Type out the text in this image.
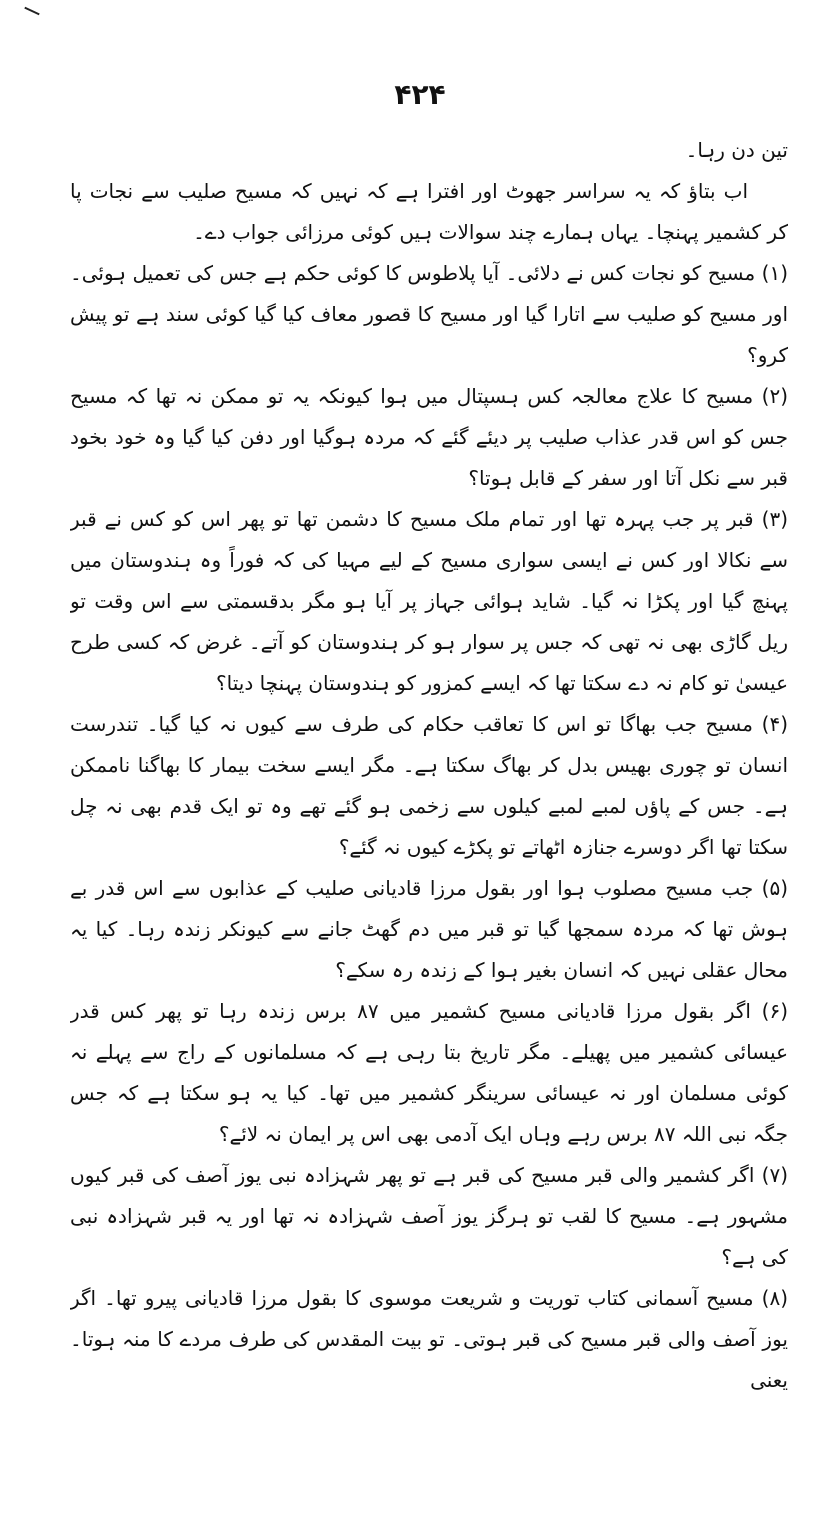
۴۲۴

تین دن رہا۔

اب بتاؤ کہ یہ سراسر جھوٹ اور افترا ہے کہ نہیں کہ مسیح صلیب سے نجات پا کر کشمیر پہنچا۔ یہاں ہمارے چند سوالات ہیں کوئی مرزائی جواب دے۔

(۱) مسیح کو نجات کس نے دلائی۔ آیا پلاطوس کا کوئی حکم ہے جس کی تعمیل ہوئی۔ اور مسیح کو صلیب سے اتارا گیا اور مسیح کا قصور معاف کیا گیا کوئی سند ہے تو پیش کرو؟

(۲) مسیح کا علاج معالجہ کس ہسپتال میں ہوا کیونکہ یہ تو ممکن نہ تھا کہ مسیح جس کو اس قدر عذاب صلیب پر دیئے گئے کہ مردہ ہوگیا اور دفن کیا گیا وہ خود بخود قبر سے نکل آتا اور سفر کے قابل ہوتا؟

(۳) قبر پر جب پہرہ تھا اور تمام ملک مسیح کا دشمن تھا تو پھر اس کو کس نے قبر سے نکالا اور کس نے ایسی سواری مسیح کے لیے مہیا کی کہ فوراً وہ ہندوستان میں پہنچ گیا اور پکڑا نہ گیا۔ شاید ہوائی جہاز پر آیا ہو مگر بدقسمتی سے اس وقت تو ریل گاڑی بھی نہ تھی کہ جس پر سوار ہو کر ہندوستان کو آتے۔ غرض کہ کسی طرح عیسیٰ تو کام نہ دے سکتا تھا کہ ایسے کمزور کو ہندوستان پہنچا دیتا؟

(۴) مسیح جب بھاگا تو اس کا تعاقب حکام کی طرف سے کیوں نہ کیا گیا۔ تندرست انسان تو چوری بھیس بدل کر بھاگ سکتا ہے۔ مگر ایسے سخت بیمار کا بھاگنا ناممکن ہے۔ جس کے پاؤں لمبے لمبے کیلوں سے زخمی ہو گئے تھے وہ تو ایک قدم بھی نہ چل سکتا تھا اگر دوسرے جنازہ اٹھاتے تو پکڑے کیوں نہ گئے؟

(۵) جب مسیح مصلوب ہوا اور بقول مرزا قادیانی صلیب کے عذابوں سے اس قدر بے ہوش تھا کہ مردہ سمجھا گیا تو قبر میں دم گھٹ جانے سے کیونکر زندہ رہا۔ کیا یہ محال عقلی نہیں کہ انسان بغیر ہوا کے زندہ رہ سکے؟

(۶) اگر بقول مرزا قادیانی مسیح کشمیر میں ۸۷ برس زندہ رہا تو پھر کس قدر عیسائی کشمیر میں پھیلے۔ مگر تاریخ بتا رہی ہے کہ مسلمانوں کے راج سے پہلے نہ کوئی مسلمان اور نہ عیسائی سرینگر کشمیر میں تھا۔ کیا یہ ہو سکتا ہے کہ جس جگہ نبی اللہ ۸۷ برس رہے وہاں ایک آدمی بھی اس پر ایمان نہ لائے؟

(۷) اگر کشمیر والی قبر مسیح کی قبر ہے تو پھر شہزادہ نبی یوز آصف کی قبر کیوں مشہور ہے۔ مسیح کا لقب تو ہرگز یوز آصف شہزادہ نہ تھا اور یہ قبر شہزادہ نبی کی ہے؟

(۸) مسیح آسمانی کتاب توریت و شریعت موسوی کا بقول مرزا قادیانی پیرو تھا۔ اگر یوز آصف والی قبر مسیح کی قبر ہوتی۔ تو بیت المقدس کی طرف مردے کا منہ ہوتا۔ یعنی
